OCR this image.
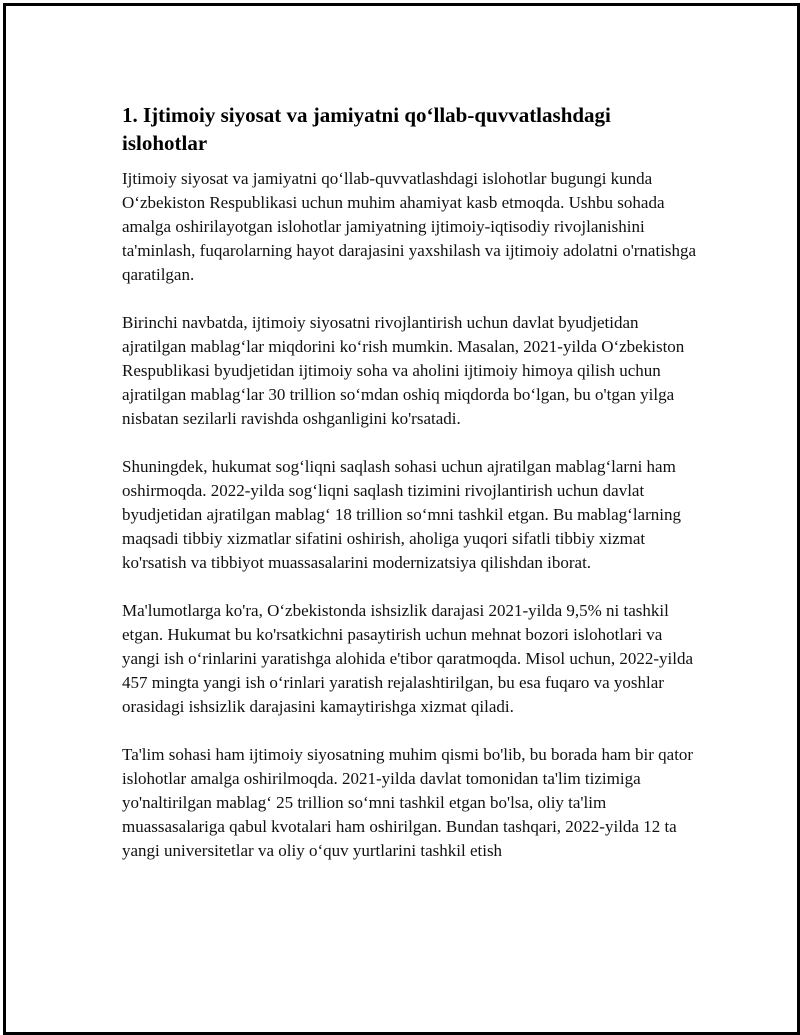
1. Ijtimoiy siyosat va jamiyatni qo‘llab-quvvatlashdagi islohotlar

Ijtimoiy siyosat va jamiyatni qo‘llab-quvvatlashdagi islohotlar bugungi kunda O‘zbekiston Respublikasi uchun muhim ahamiyat kasb etmoqda. Ushbu sohada amalga oshirilayotgan islohotlar jamiyatning ijtimoiy-iqtisodiy rivojlanishini ta'minlash, fuqarolarning hayot darajasini yaxshilash va ijtimoiy adolatni o'rnatishga qaratilgan.

Birinchi navbatda, ijtimoiy siyosatni rivojlantirish uchun davlat byudjetidan ajratilgan mablag‘lar miqdorini ko‘rish mumkin. Masalan, 2021-yilda O‘zbekiston Respublikasi byudjetidan ijtimoiy soha va aholini ijtimoiy himoya qilish uchun ajratilgan mablag‘lar 30 trillion so‘mdan oshiq miqdorda bo‘lgan, bu o'tgan yilga nisbatan sezilarli ravishda oshganligini ko'rsatadi.

Shuningdek, hukumat sog‘liqni saqlash sohasi uchun ajratilgan mablag‘larni ham oshirmoqda. 2022-yilda sog‘liqni saqlash tizimini rivojlantirish uchun davlat byudjetidan ajratilgan mablag‘ 18 trillion so‘mni tashkil etgan. Bu mablag‘larning maqsadi tibbiy xizmatlar sifatini oshirish, aholiga yuqori sifatli tibbiy xizmat ko'rsatish va tibbiyot muassasalarini modernizatsiya qilishdan iborat.

Ma'lumotlarga ko'ra, O‘zbekistonda ishsizlik darajasi 2021-yilda 9,5% ni tashkil etgan. Hukumat bu ko'rsatkichni pasaytirish uchun mehnat bozori islohotlari va yangi ish o‘rinlarini yaratishga alohida e'tibor qaratmoqda. Misol uchun, 2022-yilda 457 mingta yangi ish o‘rinlari yaratish rejalashtirilgan, bu esa fuqaro va yoshlar orasidagi ishsizlik darajasini kamaytirishga xizmat qiladi.

Ta'lim sohasi ham ijtimoiy siyosatning muhim qismi bo'lib, bu borada ham bir qator islohotlar amalga oshirilmoqda. 2021-yilda davlat tomonidan ta'lim tizimiga yo'naltirilgan mablag‘ 25 trillion so‘mni tashkil etgan bo'lsa, oliy ta'lim muassasalariga qabul kvotalari ham oshirilgan. Bundan tashqari, 2022-yilda 12 ta yangi universitetlar va oliy o‘quv yurtlarini tashkil etish
